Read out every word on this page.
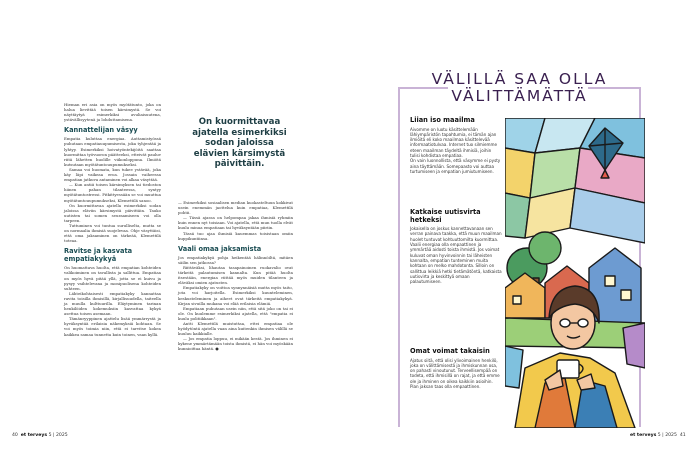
Hieman eri asia on myös myötätunto, joka on halua lievittää toisen kärsimystä. Se voi näyttäytyä esimerkiksi avuliaisuutena, ystävällisyytenä ja lohduttamisena.

Kannattelijan väsyy

Empatia kuluttaa energiaa. Auttamistyössä puhutaan empatiauupumisesta, joka tyhjentää ja lyhtyy. Esimerkiksi hoivatyöntekijöitä saattaa kuormittaa työvuoron päätteeksi, etteivät pauluv riitä lähetten huolille viikonloppuna. Ilmiötä kutsutaan myötätuntouupumukseksi.

Samaa voi huomata, kun tukee ystävää, joka käy läpi vaikeaa eroa. Jossain vaiheessa empatian jatkuva antaminen voi alkaa väsyttää.

— Kun antiii toisen kärsimyksen tai tiedoston hiinen pahan tilanteessa, syntyy myötätuntostressi. Pitkittyessään se voi muuttua myötätuntouupumukseksi, Klemettilä sanoo.

On kuormittavaa ajatella esimerkiksi sodan jaloissa eläviin kärsimystä päivittäin. Tauko uutisten tai somen seuraamiseen voi olla tarpeen.

Tuttuminen voi tuntua surulliselta, mutta se on normaalia ihmisiä suojelevaa. Ohje väsyttäisi, että oma jaksaminen on tärkeää, Klemettilä toteaa.

Ravitse ja kasvata empatiakykyä

On huomattava huolta, että empatian kohteiden valikoiminen on tavallista ja sallittua. Empatiaa on myös hyvä pitää yllä, jotta se ei kuivu ja pysyy vaihtelevana ja monipuolisena kohteiden suhteen.

Lähteikohtaisesti empatiakyky kannattaa ravita toisilla ihmisillä, kirjallisuudella, taiteella ja muulla kulttuurilla. Eläytyminen tarinan henkilöiden kokemuksiin kasvattaa kykyä asettua toisen asemaan.

Tämänryyppinen ajattelu lisää ymmärrystä ja hyväksyntää erilaisia näkemyksiä kohtaan. Se voi myös toimia niin, että ei tarvitse kokea kaikkea samaa tunnetta kuin toinen, vaan kyllä.

On kuormittavaa ajatella esimerkiksi sodan jaloissa elävien kärsimystä päivittäin.

— Esimerkiksi sosiaalisen median kuokasteltuun kokkivat usein enemmän jaottelua kuin empatiaa, Klemettilä pohtii.

— Tässä ajassa on helpompaa jakaa ihmisiä ryhmiin kuin ennen nyt toisiaan. Voi ajatella, että mun tuolla elvät kuulu minua empatiaan tai hyväksyntään piiriin.

Tässä tuo ajaa ihmisiä kauemmas toisistaan omiin kuppikuntiinsa.

Vaali omaa jaksamista

Jos empatiakykyä pohja heikentää hälinnöiltä, mitäen säilin sen jatkossa?

Riittäväksi, lihautaa tasapainoinen ruokavalio ovat tärkeitä palautumisen kannalta. Kun pitää huolta itsestään, energiaa riittää myös muiden tilanteen ja eläväksi omien ajatusten.

Empatiakyky on voittoa synnynnäisiä mutta myös taito, jota voi harjoitella. Esimerkiksi kuunteleminen, keskusteleminen ja aiheet ovat tärkeitä empatiakykyä. Kirjan sivuilla mukana voi elää erilaisia elämiä.

Empatiaan puhutaan usein niin, että sitä joko on tai ei ole. On kuulemme esimerkiksi ajatella, että "empatia ei kuulu politiikkaan".

Antti Klemettilä muistuttaa, ettei empatiaa ole hyödytöntä ajatella vaan aina kuitenkin ihmisen välillä se kuuluu kaikkialle.

— Jos empatia loppuu, ei mikään kestä. Jos ihminen ei kykene ymmärtämään toista ihmistä, ei hän voi myöskään kunnioittaa häntä. ●

VÄLILLÄ SAA OLLA VÄLITTÄMÄTTÄ
Liian iso maailma

Aivomme on luotu käsittelemään lähiympäristön tapahtumia, ei tämän ajan ilmiöitä eli koko maailmaa käsittelevää informaatiotulvaa. Internet tuo silmiemme eteen maailman täydeltä ihmisiä, joihin tulisi kohdistaa empatiaa.
On vain luonnollista, että väsymme ei pysty aina täyttämään. Somepaasto voi auttaa turtumiseen ja empatian jumiutumiseen.

Katkaise uutisvirta hetkeksi

Jokaisella on joskus kannettavanaan sen verran painava taakka, että muun maailman huolet tuntuvat kohtuuttomilta kuormittaa. Vaalii energiaa olla empaattinen ja ymmärtää aidosti toista ihmistä. Jos voimat kuluvat oman hyvinvoinnin tai läheisten kannalta, empatian tunteminen muita kohtaan on melko mahdotonta. Silloin on sallittua leikkiä hetki tietämätöntä, katkaista uutisvirta ja keskittyä omaan palautumiseen.

Omat voimat takaisin

Ajatus siitä, että olisi ylivoimainen henkilö, joka on välittämisestä ja ihmiskunnan osa, on pahasti vinoutunut. Terveellisempää on todeta, että ihmisillä on rajat, ja että emme ole ja ihminen on oikea kaikkiin asioihin. Pian jaksan taas olla empaattinen.

40 et terveys 5 | 2025	et terveys 5 | 2025 41
